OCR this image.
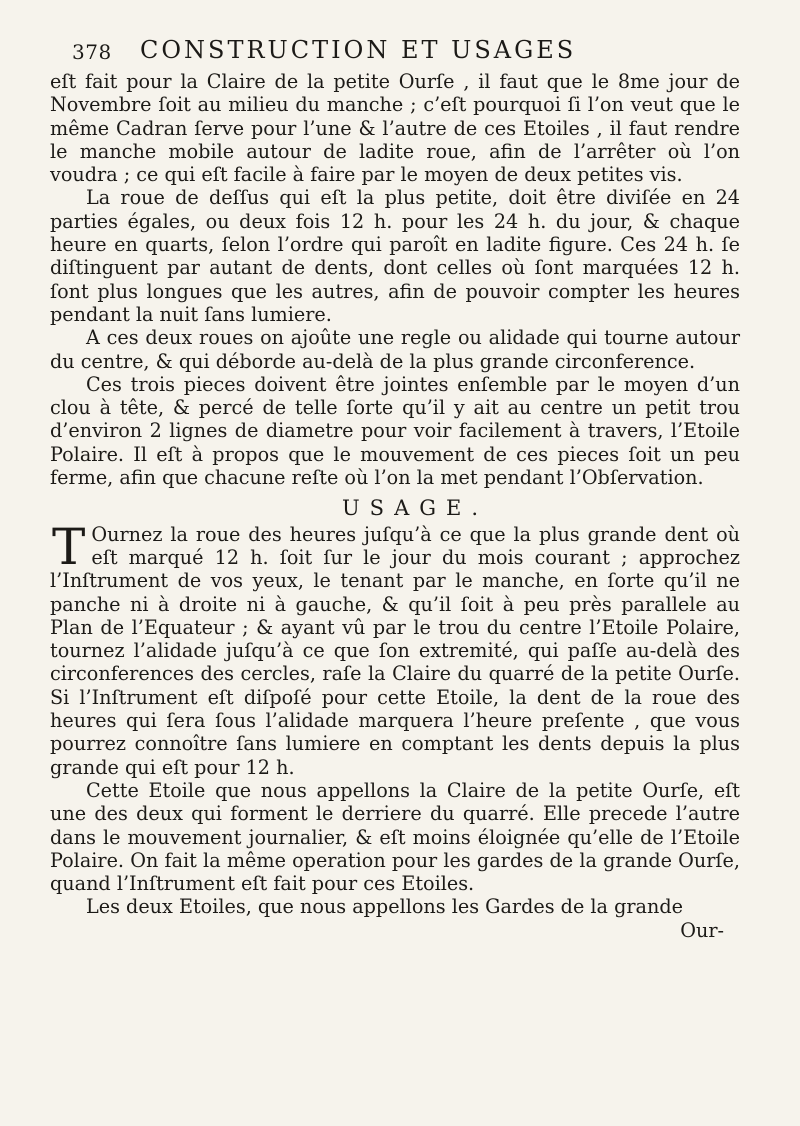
378 CONSTRUCTION ET USAGES

eſt fait pour la Claire de la petite Ourſe , il faut que le 8me jour de Novembre ſoit au milieu du manche ; c’eſt pourquoi ſi l’on veut que le même Cadran ſerve pour l’une & l’autre de ces Etoiles , il faut rendre le manche mobile autour de ladite roue, afin de l’arrêter où l’on voudra ; ce qui eſt facile à faire par le moyen de deux petites vis.

La roue de deſſus qui eſt la plus petite, doit être diviſée en 24 parties égales, ou deux fois 12 h. pour les 24 h. du jour, & chaque heure en quarts, ſelon l’ordre qui paroît en ladite figure. Ces 24 h. ſe diſtinguent par autant de dents, dont celles où ſont marquées 12 h. ſont plus longues que les autres, afin de pouvoir compter les heures pendant la nuit ſans lumiere.

A ces deux roues on ajoûte une regle ou alidade qui tourne autour du centre, & qui déborde au-delà de la plus grande circonference.

Ces trois pieces doivent être jointes enſemble par le moyen d’un clou à tête, & percé de telle ſorte qu’il y ait au centre un petit trou d’environ 2 lignes de diametre pour voir facilement à travers, l’Etoile Polaire. Il eſt à propos que le mouvement de ces pieces ſoit un peu ferme, afin que chacune reſte où l’on la met pendant l’Obſervation.

USAGE.

T Ournez la roue des heures juſqu’à ce que la plus grande dent où eſt marqué 12 h. ſoit ſur le jour du mois courant ; approchez l’Inſtrument de vos yeux, le tenant par le manche, en ſorte qu’il ne panche ni à droite ni à gauche, & qu’il ſoit à peu près parallele au Plan de l’Equateur ; & ayant vû par le trou du centre l’Etoile Polaire, tournez l’alidade juſqu’à ce que ſon extremité, qui paſſe au-delà des circonferences des cercles, raſe la Claire du quarré de la petite Ourſe. Si l’Inſtrument eſt diſpoſé pour cette Etoile, la dent de la roue des heures qui ſera ſous l’alidade marquera l’heure preſente , que vous pourrez connoître ſans lumiere en comptant les dents depuis la plus grande qui eſt pour 12 h.

Cette Etoile que nous appellons la Claire de la petite Ourſe, eſt une des deux qui forment le derriere du quarré. Elle precede l’autre dans le mouvement journalier, & eſt moins éloignée qu’elle de l’Etoile Polaire. On fait la même operation pour les gardes de la grande Ourſe, quand l’Inſtrument eſt fait pour ces Etoiles.

Les deux Etoiles, que nous appellons les Gardes de la grande

Our-
